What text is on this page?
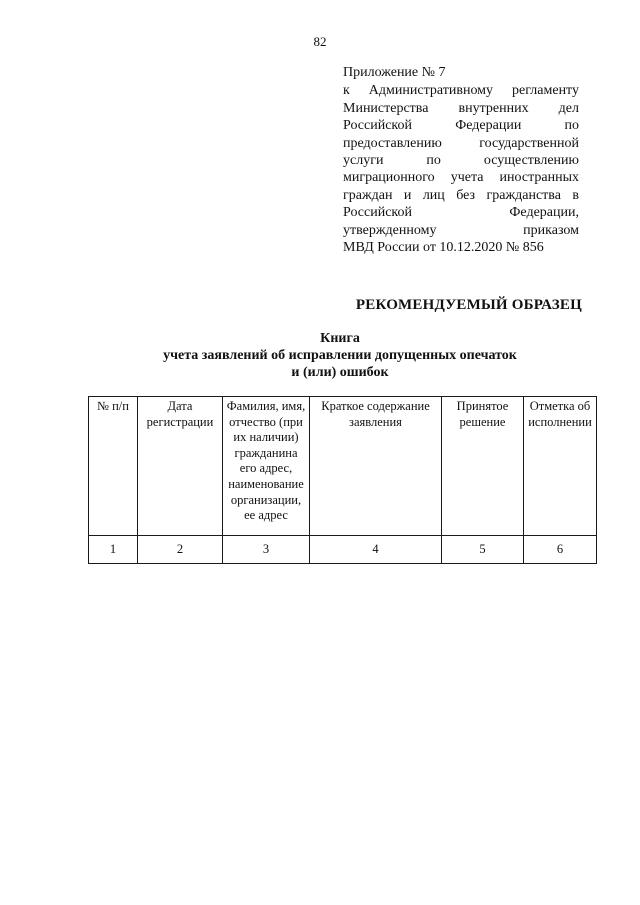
82
Приложение № 7
к Административному регламенту
Министерства внутренних дел
Российской Федерации по
предоставлению государственной
услуги по осуществлению
миграционного учета иностранных
граждан и лиц без гражданства в
Российской Федерации,
утвержденному приказом
МВД России от 10.12.2020 № 856
РЕКОМЕНДУЕМЫЙ ОБРАЗЕЦ
Книга
учета заявлений об исправлении допущенных опечаток
и (или) ошибок
№ п/п	Дата регистрации	Фамилия, имя, отчество (при их наличии) гражданина его адрес, наименование организации, ее адрес	Краткое содержание заявления	Принятое решение	Отметка об исполнении
1	2	3	4	5	6
